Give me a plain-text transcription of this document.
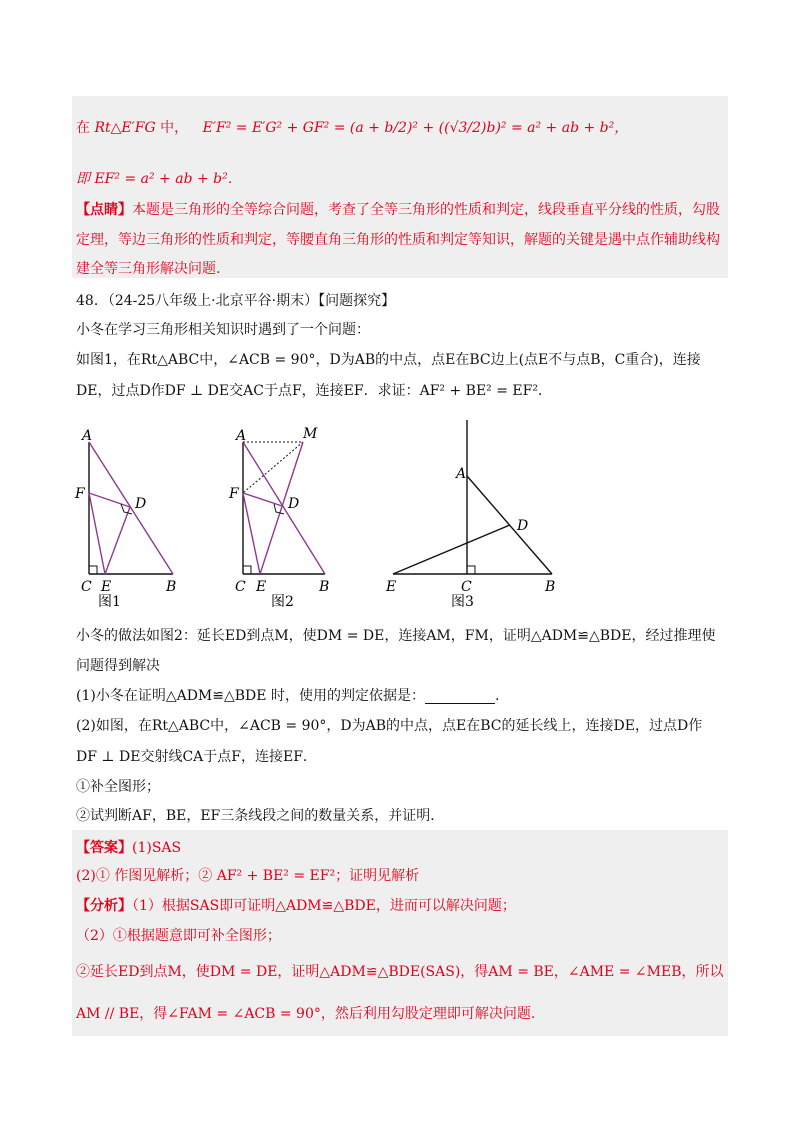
在 Rt△E′FG 中， E′F² = E′G² + GF² = (a + b/2)² + ((√3/2)b)² = a² + ab + b²，
即 EF² = a² + ab + b²．
【点睛】本题是三角形的全等综合问题，考查了全等三角形的性质和判定，线段垂直平分线的性质，勾股
定理，等边三角形的性质和判定，等腰直角三角形的性质和判定等知识，解题的关键是遇中点作辅助线构
建全等三角形解决问题.
48．（24-25八年级上·北京平谷·期末）【问题探究】
小冬在学习三角形相关知识时遇到了一个问题：
如图1，在Rt△ABC中，∠ACB = 90°，D为AB的中点，点E在BC边上(点E不与点B，C重合)，连接
DE，过点D作DF ⊥ DE交AC于点F，连接EF．求证：AF² + BE² = EF²．
A
F
D
C E	B
图1
A	M
F
D
C E	B
图2
A
D
E	C	B
图3
小冬的做法如图2：延长ED到点M，使DM = DE，连接AM，FM，证明△ADM≌△BDE，经过推理使
问题得到解决
(1)小冬在证明△ADM≌△BDE 时，使用的判定依据是：	.
(2)如图，在Rt△ABC中，∠ACB = 90°，D为AB的中点，点E在BC的延长线上，连接DE，过点D作
DF ⊥ DE交射线CA于点F，连接EF．
①补全图形；
②试判断AF，BE，EF三条线段之间的数量关系，并证明．
【答案】(1)SAS
(2)① 作图见解析；② AF² + BE² = EF²；证明见解析
【分析】（1）根据SAS即可证明△ADM≌△BDE，进而可以解决问题；
（2）①根据题意即可补全图形；
②延长ED到点M，使DM = DE，证明△ADM≌△BDE(SAS)，得AM = BE，∠AME = ∠MEB，所以
AM // BE，得∠FAM = ∠ACB = 90°，然后利用勾股定理即可解决问题.
